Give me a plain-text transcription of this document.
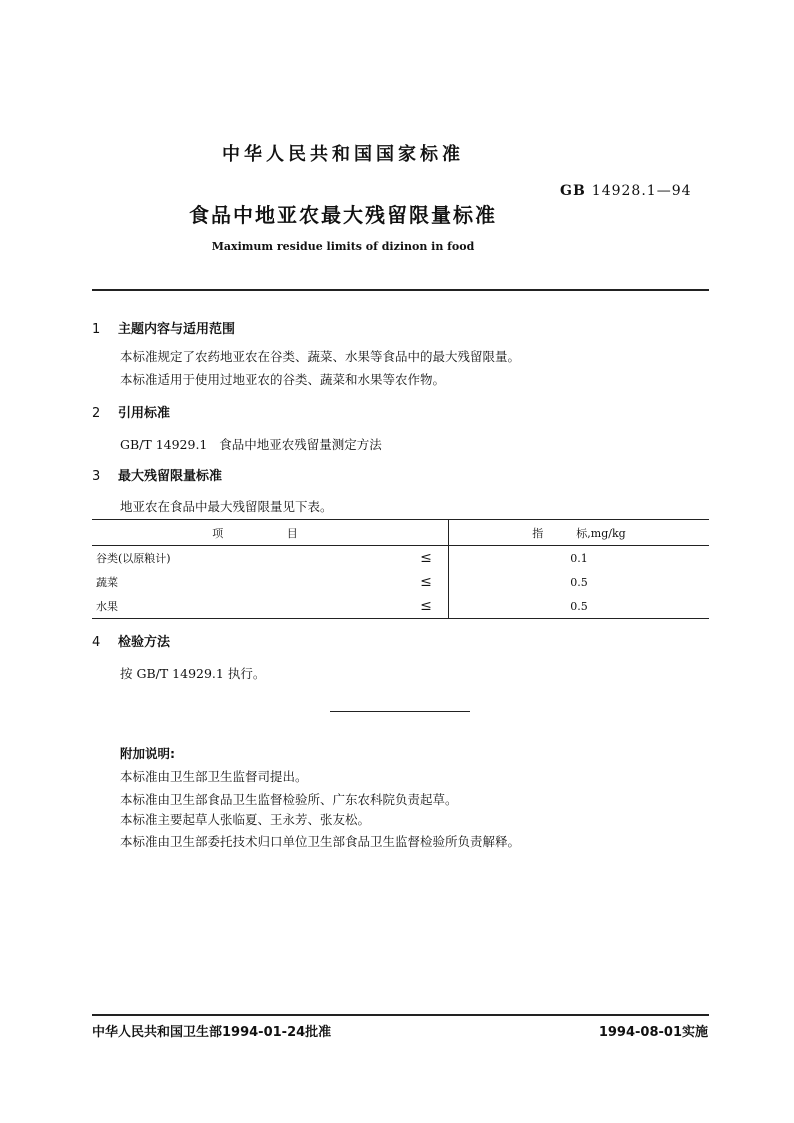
中华人民共和国国家标准
GB 14928.1—94
食品中地亚农最大残留限量标准
Maximum residue limits of dizinon in food
1 主题内容与适用范围
本标准规定了农药地亚农在谷类、蔬菜、水果等食品中的最大残留限量。
本标准适用于使用过地亚农的谷类、蔬菜和水果等农作物。
2 引用标准
GB/T 14929.1   食品中地亚农残留量测定方法
3 最大残留限量标准
地亚农在食品中最大残留限量见下表。
项 目		指　　　标,mg/kg
谷类(以原粮计)	≤	0.1
蔬菜	≤	0.5
水果	≤	0.5
4 检验方法
按 GB/T 14929.1 执行。
附加说明:
本标准由卫生部卫生监督司提出。
本标准由卫生部食品卫生监督检验所、广东农科院负责起草。
本标准主要起草人张临夏、王永芳、张友松。
本标准由卫生部委托技术归口单位卫生部食品卫生监督检验所负责解释。
中华人民共和国卫生部1994-01-24批准	1994-08-01实施
